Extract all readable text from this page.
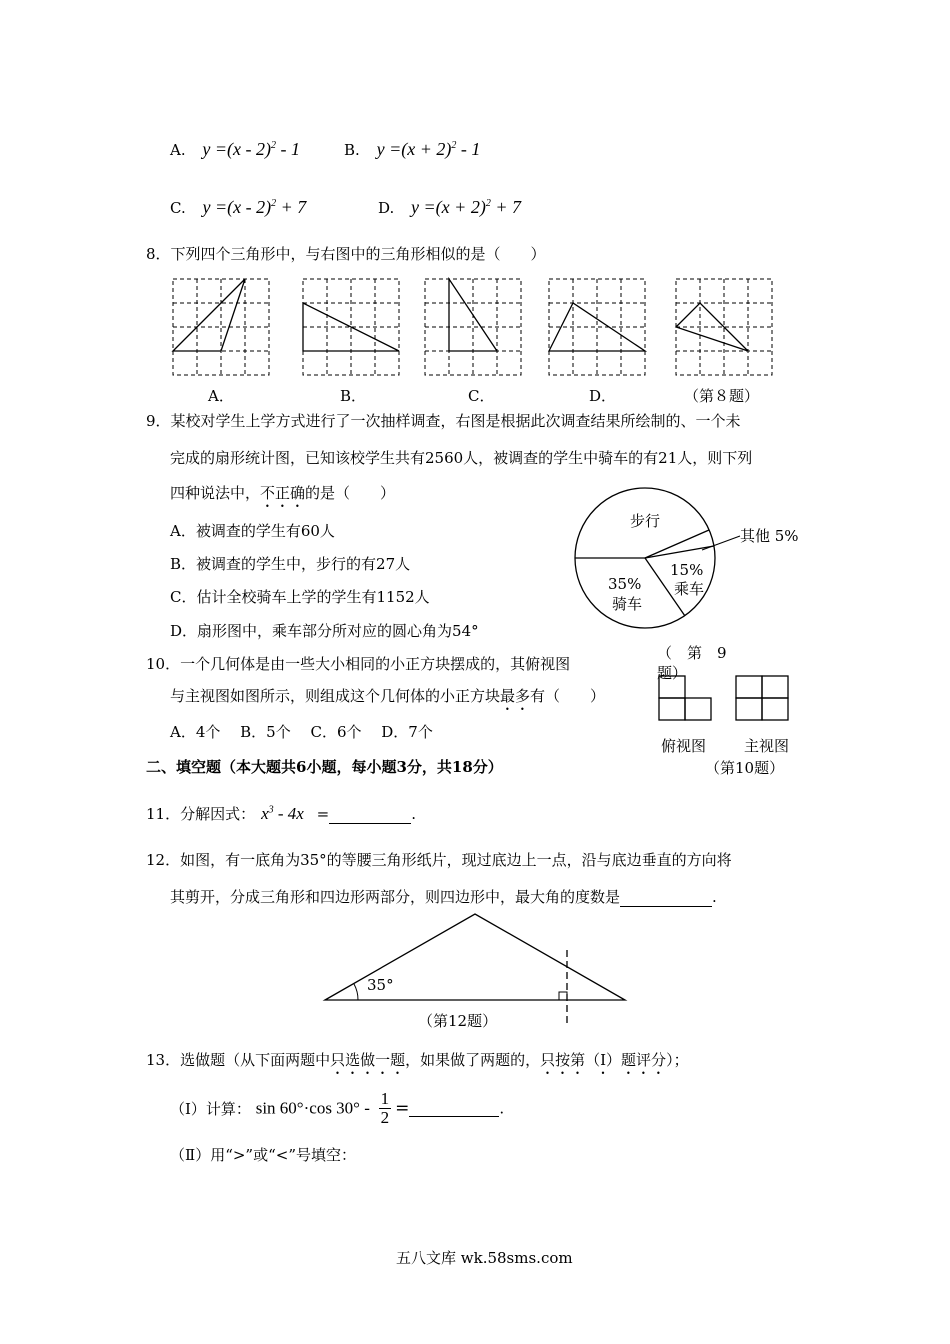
A. y =(x - 2)$^2$ - 1	B. $y =(x + 2)^2 - 1$
C. y =(x - 2)$^2$ + 7	D. $y =(x + 2)^2 + 7$
8．下列四个三角形中，与右图中的三角形相似的是（　　）
A．	B．	C．	D．	（第８题）
9．某校对学生上学方式进行了一次抽样调查，右图是根据此次调查结果所绘制的、一个未
完成的扇形统计图，已知该校学生共有2560人，被调查的学生中骑车的有21人，则下列
四种说法中，不正确的是（　　）
A．被调查的学生有60人
B．被调查的学生中，步行的有27人
C．估计全校骑车上学的学生有1152人
D．扇形图中，乘车部分所对应的圆心角为54°
步行
其他 5%
15%
乘车
35%
骑车
（　第　9
题）
10．一个几何体是由一些大小相同的小正方块摆成的，其俯视图
与主视图如图所示，则组成这个几何体的小正方块最多有（　　）
A．4个　 B．5个　 C．6个　 D．7个
俯视图	主视图
（第10题）
二、填空题（本大题共6小题，每小题3分，共18分）
11．分解因式： $x^3 - 4x$ =	.
12．如图，有一底角为35°的等腰三角形纸片，现过底边上一点，沿与底边垂直的方向将
其剪开，分成三角形和四边形两部分，则四边形中，最大角的度数是	.
35°
（第12题）
13．选做题（从下面两题中只选做一题，如果做了两题的，只按第（Ⅰ）题评分）；
（Ⅰ）计算： sin 60°·cos $30^\circ - \frac{1}{2}$ =	.
（Ⅱ）用“>”或“<”号填空：
五八文库 wk.58sms.com
